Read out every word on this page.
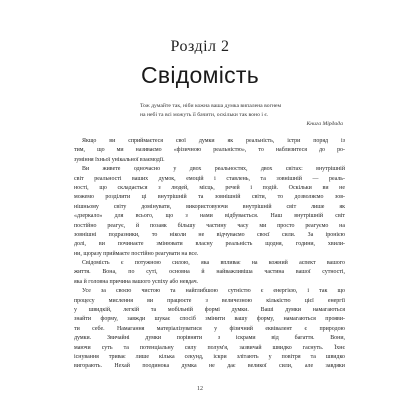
Розділ 2
Свідомість
Тож думайте так, ніби кожна ваша думка випалена вогнем
на небі та всі можуть її бачити, оскільки так воно і є.
Книга Мірдада
Якщо ви сприймаєтеся свої думки як реальність, істри поряд із
тим, що ми називаємо «фізичною реальністю», то наблизитеся до ро-
зуміння їхньої унікальної взаємодії.
Ви живете одночасно у двох реальностях, двох світах: внутрішній
світ реальності ваших думок, емоцій і ставлень, та зовнішній — реаль-
ності, що складається з людей, місць, речей і подій. Оскільки ви не
можемо розділити ці внутрішній та зовнішній світи, то дозволяємо зов-
нішньому світу домінувати, використовуючи внутрішній світ лише як
«дзеркало» для всього, що з нами відбувається. Наш внутрішній світ
постійно реагує, й позаяк більшу частину часу ми просто реагуємо на
зовнішні подразники, то ніколи не відчуваємо своєї сили. За іронією
долі, ви починаєте змінювати власну реальність щодня, години, хвили-
ни, щоразу приймаєте постійно реагувати на все.
Свідомість є потужною силою, яка впливає на кожний аспект вашого
життя. Вона, по суті, основна й найважливіша частина вашої сутності,
яка й головна причина вашого успіху або невдач.
Усе за своєю чистою та найглибшою сутністю є енергією, і так що
процесу мислення ви працюєте з величезною кількістю цієї енергії
у швидкій, легкій та мобільній формі думки. Ваші думки намагаються
знайти форму, завжди шукає спосіб змінити вашу форму, намагаються прояви-
ти себе. Намагання матеріалізуватися у фізичний еквівалент є природою
думки. Звичайні думки порівняти з іскрами від багаття. Вони,
маючи суть та потенціальну силу полум'я, зазвичай швидко гаснуть. Їхнє
існування триває лише кілька секунд, іскри злітають у повітря та швидко
вигорають. Нехай поодинока думка не дає великої сили, але завдяки
12
